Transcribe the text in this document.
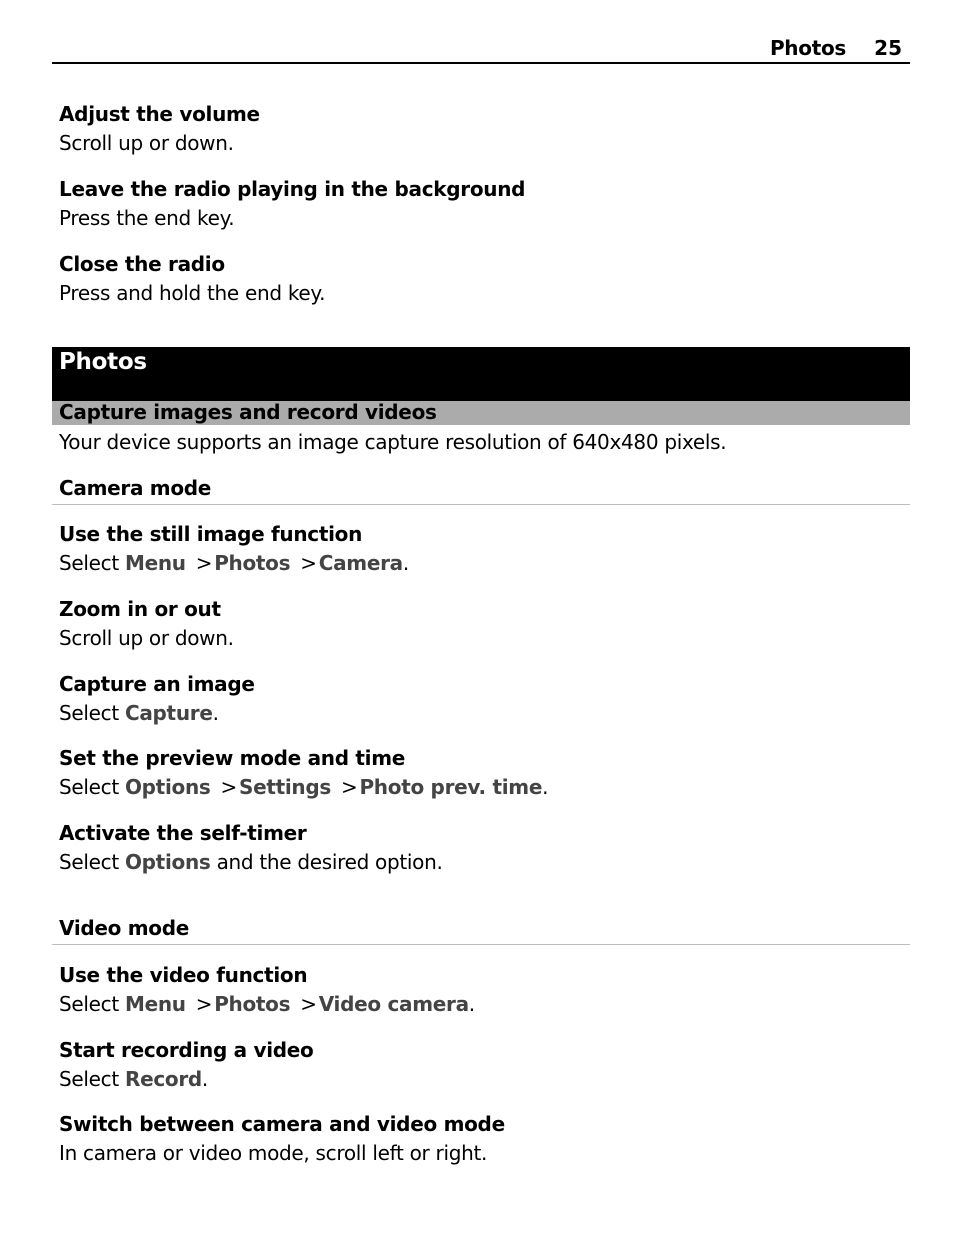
Photos 25
Adjust the volume
Scroll up or down.
Leave the radio playing in the background
Press the end key.
Close the radio
Press and hold the end key.
Photos
Capture images and record videos
Your device supports an image capture resolution of 640x480 pixels.
Camera mode
Use the still image function
Select Menu > Photos > Camera.
Zoom in or out
Scroll up or down.
Capture an image
Select Capture.
Set the preview mode and time
Select Options > Settings > Photo prev. time.
Activate the self-timer
Select Options and the desired option.
Video mode
Use the video function
Select Menu > Photos > Video camera.
Start recording a video
Select Record.
Switch between camera and video mode
In camera or video mode, scroll left or right.
